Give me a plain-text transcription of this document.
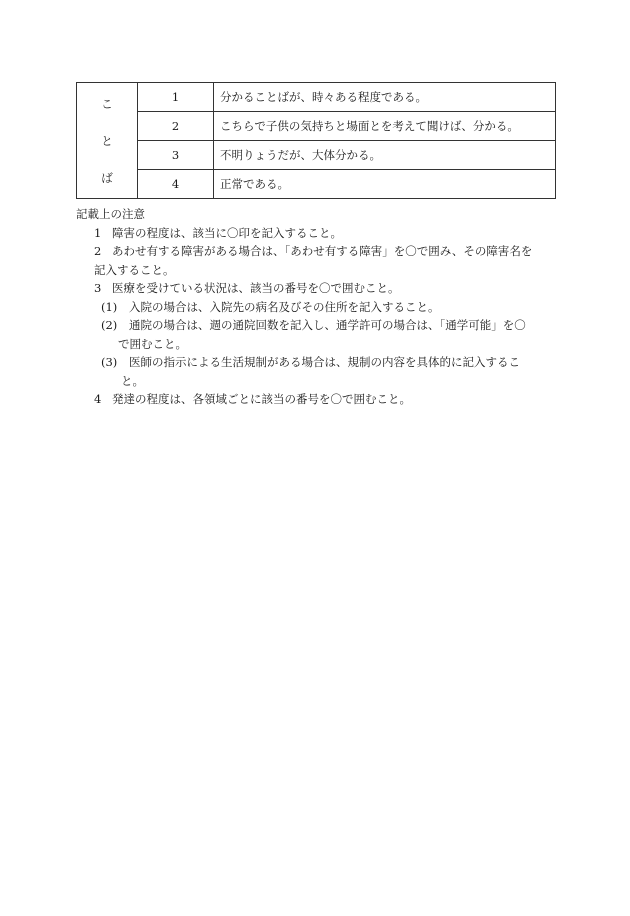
こ
と
ば	1	分かることばが、時々ある程度である。
	2	こちらで子供の気持ちと場面とを考えて聞けば、分かる。
	3	不明りょうだが、大体分かる。
	4	正常である。

記載上の注意

1 障害の程度は、該当に〇印を記入すること。

2 あわせ有する障害がある場合は、「あわせ有する障害」を〇で囲み、その障害名を

記入すること。

3 医療を受けている状況は、該当の番号を〇で囲むこと。

(1) 入院の場合は、入院先の病名及びその住所を記入すること。

(2) 通院の場合は、週の通院回数を記入し、通学許可の場合は、「通学可能」を〇

で囲むこと。

(3) 医師の指示による生活規制がある場合は、規制の内容を具体的に記入するこ

と。

4 発達の程度は、各領域ごとに該当の番号を〇で囲むこと。
